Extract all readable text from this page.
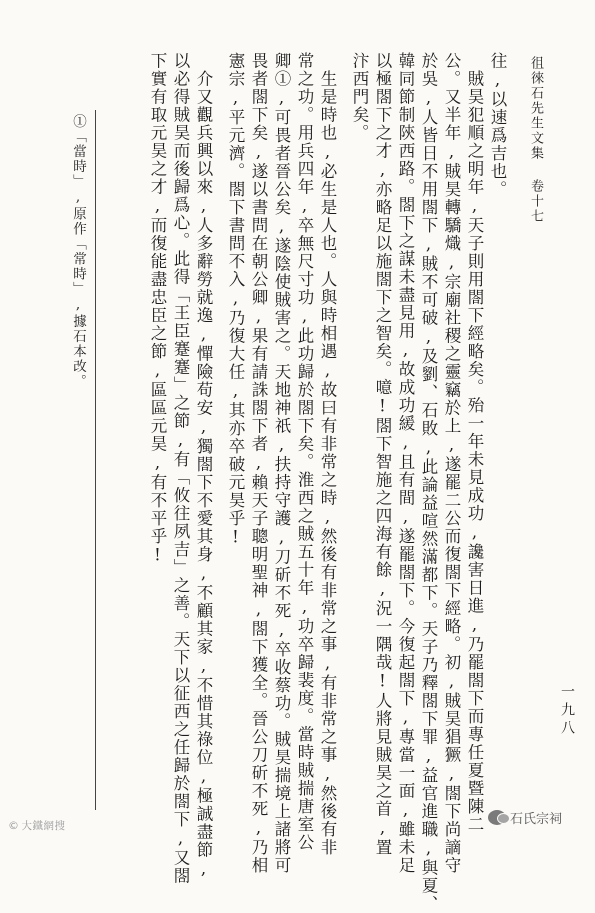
徂徠石先生文集卷十七
一九八
往,以速爲吉也。
　賊昊犯順之明年,天子則用閤下經略矣。殆一年未見成功,讒害日進,乃罷閤下而專任夏暨陳二
公。又半年,賊昊轉驕熾,宗廟社稷之靈竊於上,遂罷二公而復閤下經略。初,賊昊猖獗,閤下尚謫守
於吳,人皆日不用閤下,賊不可破,及劉、石敗,此論益喧然滿都下。天子乃釋閤下罪,益官進職,與夏、
韓同節制陝西路。閤下之謀未盡見用,故成功緩,且有間,遂罷閤下。今復起閤下,專當一面,雖未足
以極閤下之才,亦略足以施閤下之智矣。噫!閤下智施之四海有餘,況一隅哉!人將見賊昊之首,置
汴西門矣。
　生是時也,必生是人也。人與時相遇,故曰有非常之時,然後有非常之事,有非常之事,然後有非
常之功。用兵四年,卒無尺寸功,此功歸於閤下矣。淮西之賊五十年,功卒歸裴度。當時賊揣唐室公
卿①,可畏者晉公矣,遂陰使賊害之。天地神祇,扶持守護,刀斫不死,卒收蔡功。賊昊揣境上諸將可
畏者閤下矣,遂以書問在朝公卿,果有請誅閤下者,賴天子聰明聖神,閤下獲全。晉公刀斫不死,乃相
憲宗,平元濟。閤下書問不入,乃復大任,其亦卒破元昊乎!
　介又觀兵興以來,人多辭勞就逸,憚險苟安,獨閤下不愛其身,不顧其家,不惜其祿位,極誠盡節,
以必得賊昊而後歸爲心。此得「王臣蹇蹇」之節,有「攸往夙吉」之善。天下以征西之任歸於閤下,又閤
下實有取元昊之才,而復能盡忠臣之節,區區元昊,有不平乎!
①「當時」,原作「常時」,據石本改。
© 大鐵網搜	石氏宗祠
